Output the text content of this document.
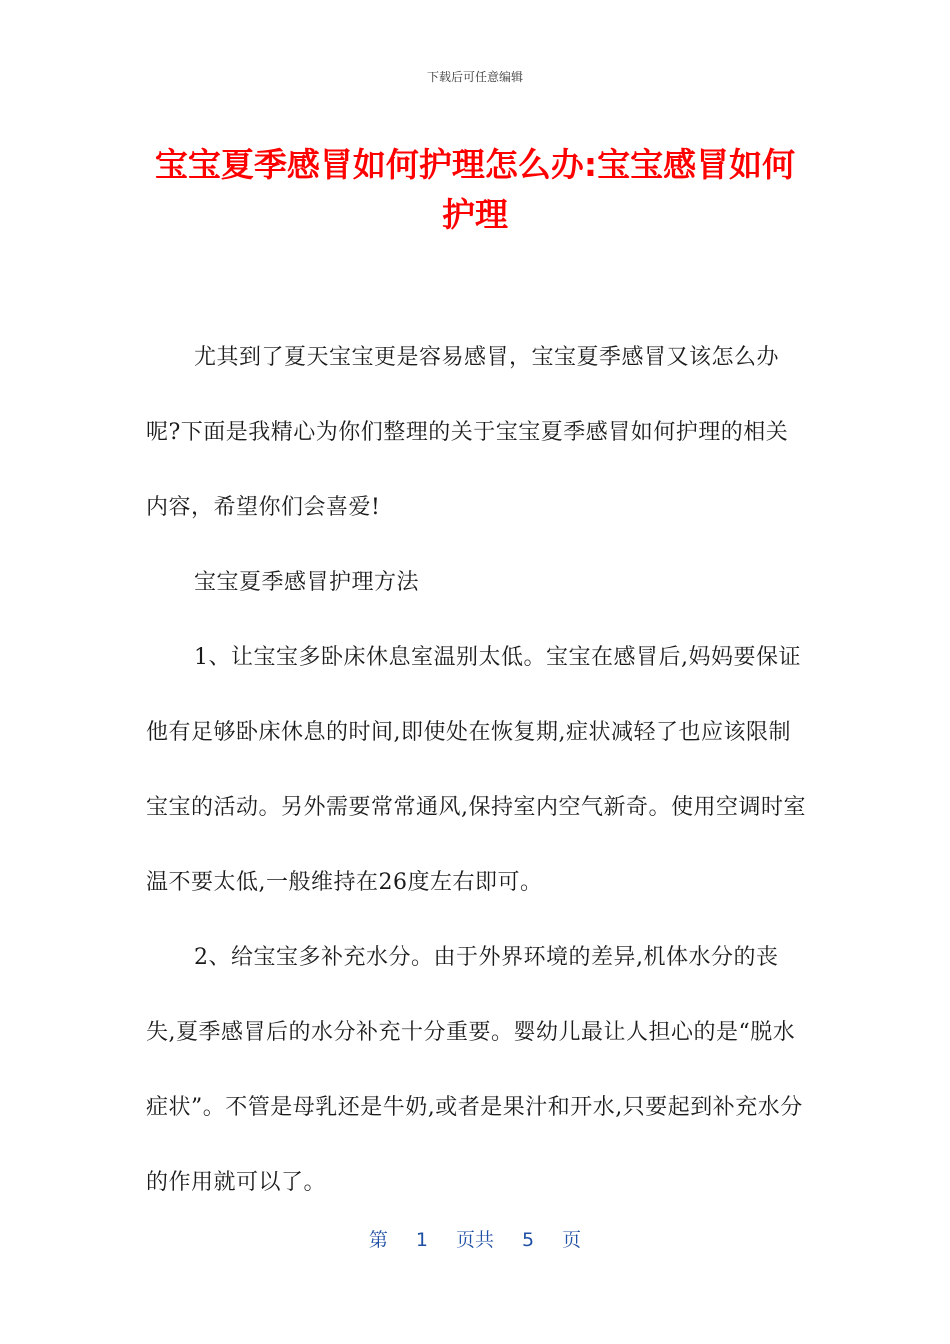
下载后可任意编辑
宝宝夏季感冒如何护理怎么办:宝宝感冒如何护理

尤其到了夏天宝宝更是容易感冒，宝宝夏季感冒又该怎么办呢?下面是我精心为你们整理的关于宝宝夏季感冒如何护理的相关内容，希望你们会喜爱!

宝宝夏季感冒护理方法

1、让宝宝多卧床休息室温别太低。宝宝在感冒后,妈妈要保证他有足够卧床休息的时间,即使处在恢复期,症状减轻了也应该限制宝宝的活动。另外需要常常通风,保持室内空气新奇。使用空调时室温不要太低,一般维持在26度左右即可。

2、给宝宝多补充水分。由于外界环境的差异,机体水分的丧失,夏季感冒后的水分补充十分重要。婴幼儿最让人担心的是“脱水症状”。不管是母乳还是牛奶,或者是果汁和开水,只要起到补充水分的作用就可以了。

第 1 页共 5 页
